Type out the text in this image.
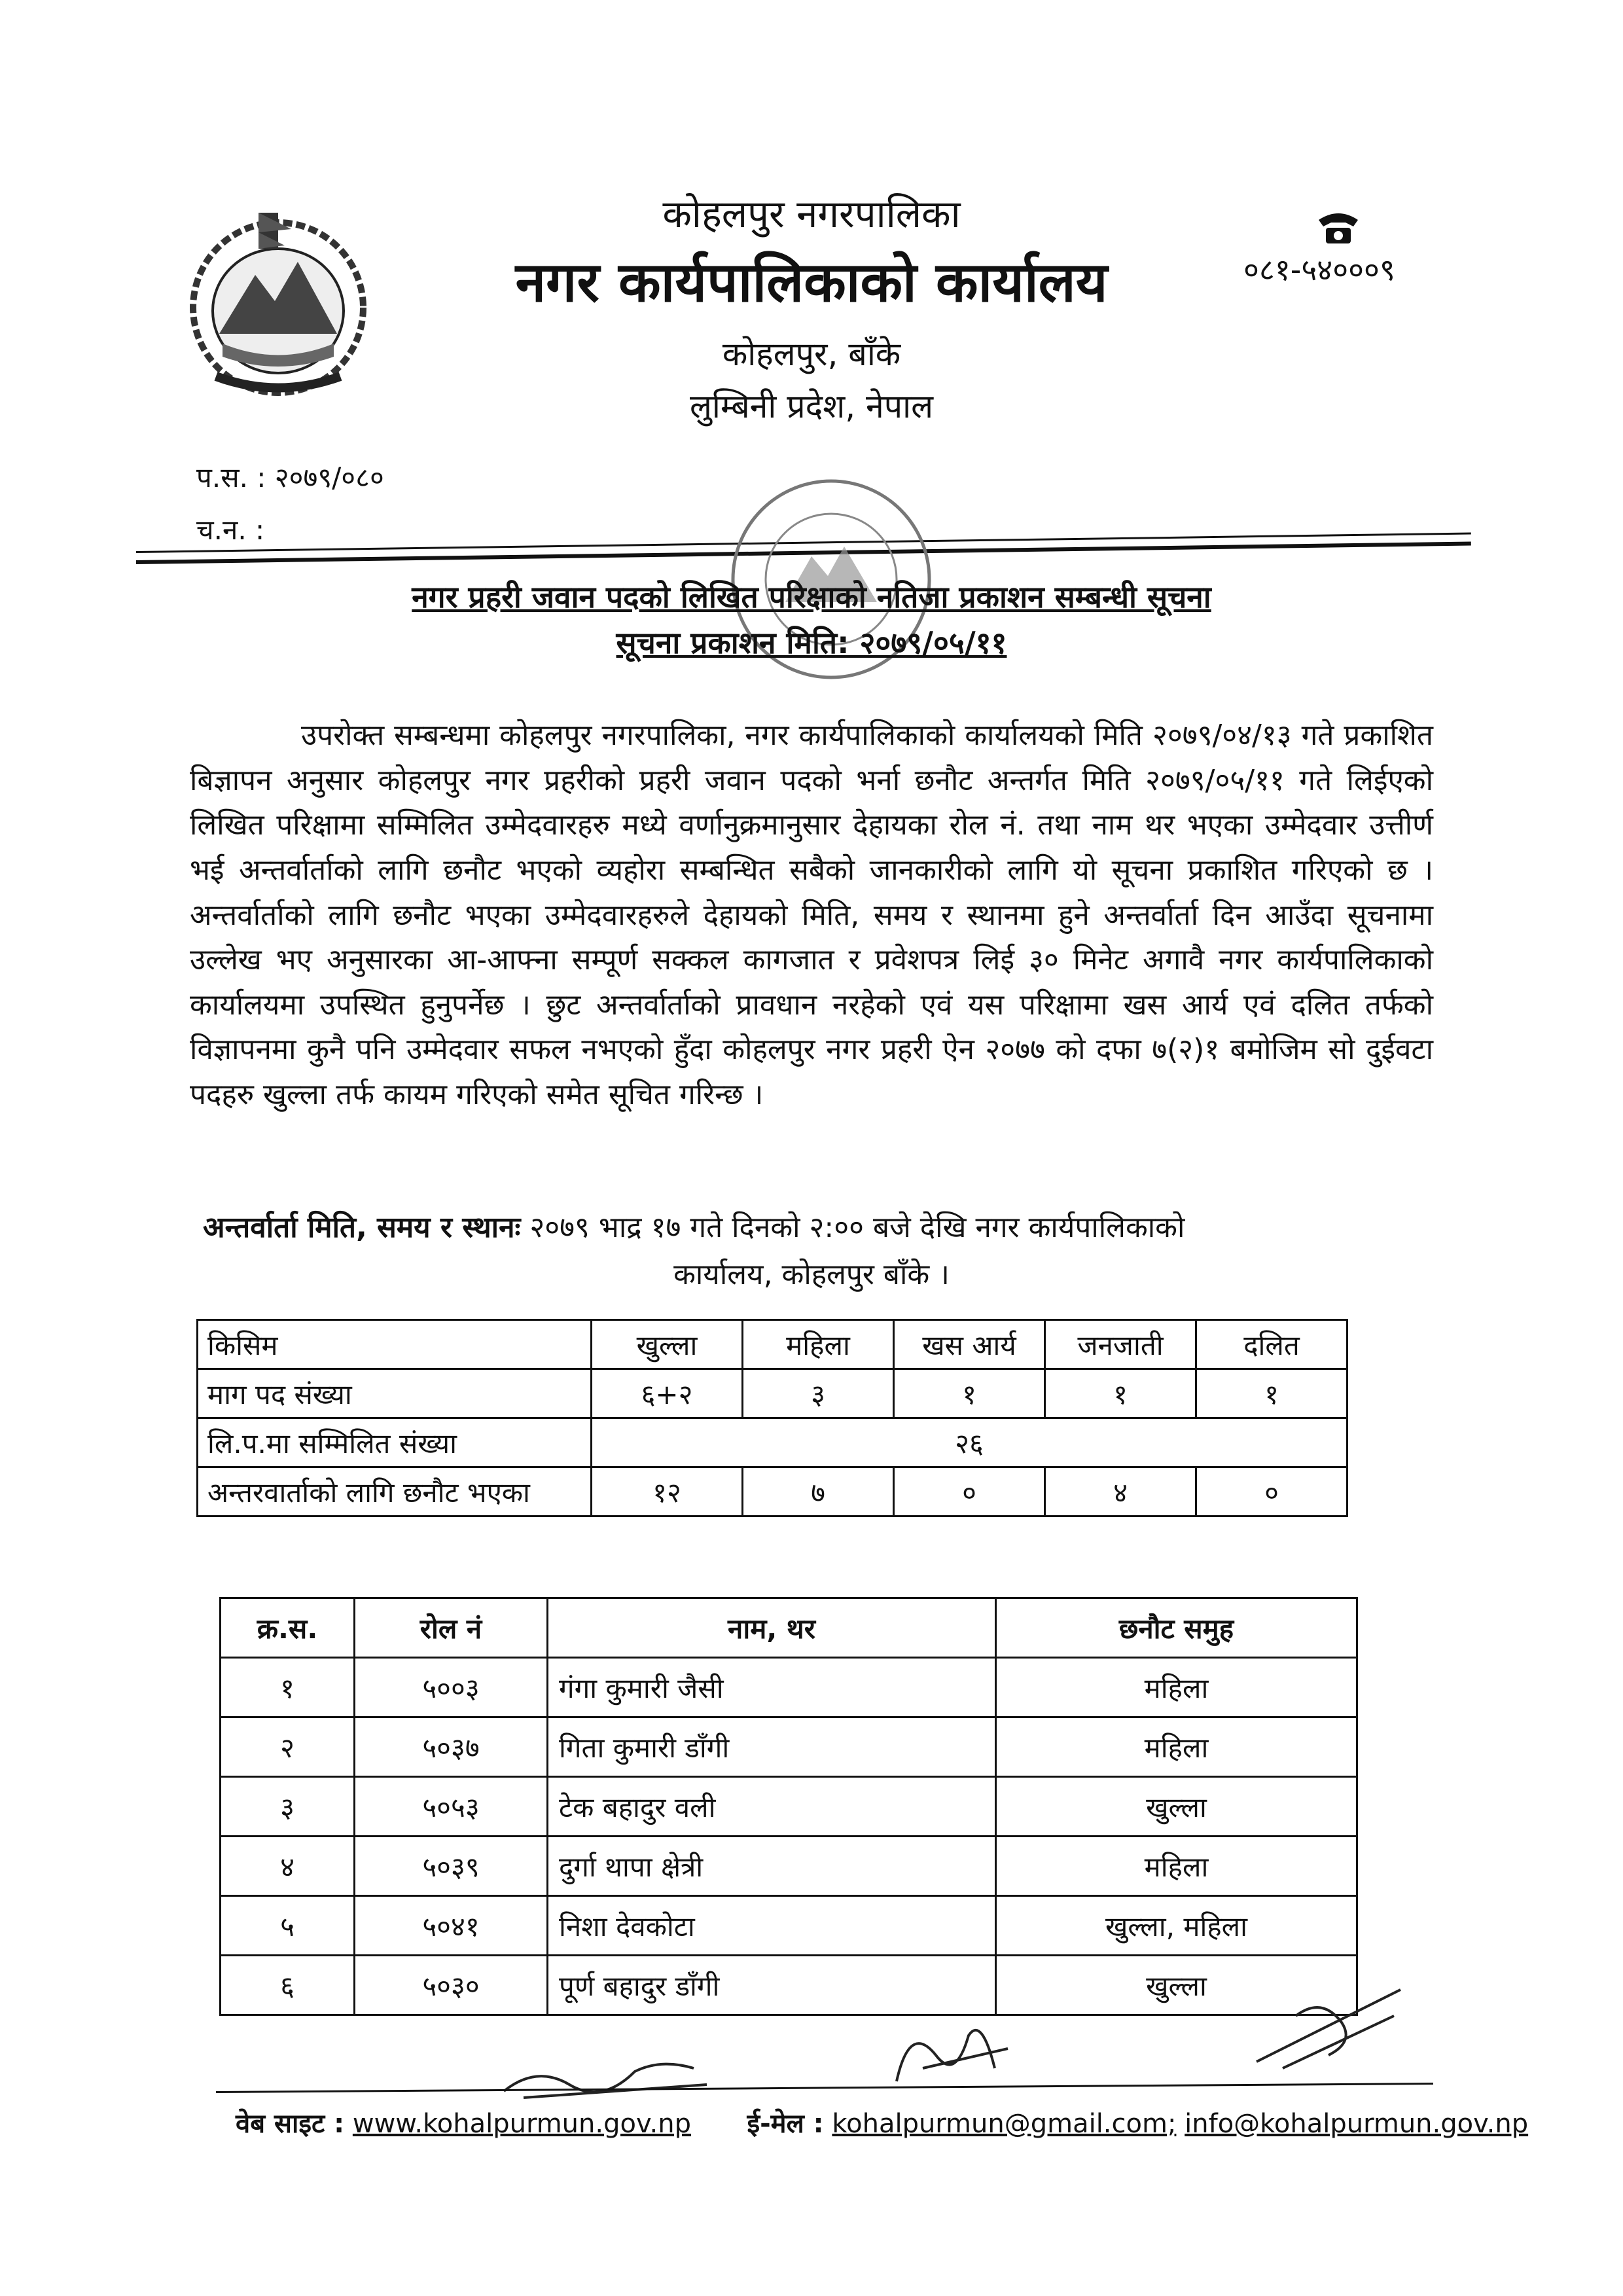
कोहलपुर नगरपालिका
नगर कार्यपालिकाको कार्यालय
कोहलपुर, बाँके
लुम्बिनी प्रदेश, नेपाल
०८१-५४०००९
प.स. : २०७९/०८०
च.न. :
नगर प्रहरी जवान पदको लिखित परिक्षाको नतिजा प्रकाशन सम्बन्धी सूचना
सूचना प्रकाशन मिति: २०७९/०५/११
उपरोक्त सम्बन्धमा कोहलपुर नगरपालिका, नगर कार्यपालिकाको कार्यालयको मिति २०७९/०४/१३ गते प्रकाशित बिज्ञापन अनुसार कोहलपुर नगर प्रहरीको प्रहरी जवान पदको भर्ना छनौट अन्तर्गत मिति २०७९/०५/११ गते लिईएको लिखित परिक्षामा सम्मिलित उम्मेदवारहरु मध्ये वर्णानुक्रमानुसार देहायका रोल नं. तथा नाम थर भएका उम्मेदवार उत्तीर्ण भई अन्तर्वार्ताको लागि छनौट भएको व्यहोरा सम्बन्धित सबैको जानकारीको लागि यो सूचना प्रकाशित गरिएको छ । अन्तर्वार्ताको लागि छनौट भएका उम्मेदवारहरुले देहायको मिति, समय र स्थानमा हुने अन्तर्वार्ता दिन आउँदा सूचनामा उल्लेख भए अनुसारका आ-आफ्ना सम्पूर्ण सक्कल कागजात र प्रवेशपत्र लिई ३० मिनेट अगावै नगर कार्यपालिकाको कार्यालयमा उपस्थित हुनुपर्नेछ । छुट अन्तर्वार्ताको प्रावधान नरहेको एवं यस परिक्षामा खस आर्य एवं दलित तर्फको विज्ञापनमा कुनै पनि उम्मेदवार सफल नभएको हुँदा कोहलपुर नगर प्रहरी ऐन २०७७ को दफा ७(२)१ बमोजिम सो दुईवटा पदहरु खुल्ला तर्फ कायम गरिएको समेत सूचित गरिन्छ ।
अन्तर्वार्ता मिति, समय र स्थानः २०७९ भाद्र १७ गते दिनको २:०० बजे देखि नगर कार्यपालिकाको
कार्यालय, कोहलपुर बाँके ।
किसिम	खुल्ला	महिला	खस आर्य	जनजाती	दलित
माग पद संख्या	६+२	३	१	१	१
लि.प.मा सम्मिलित संख्या	२६				
अन्तरवार्ताको लागि छनौट भएका	१२	७	०	४	०
क्र.स.	रोल नं	नाम, थर	छनौट समुह
१	५००३	गंगा कुमारी जैसी	महिला
२	५०३७	गिता कुमारी डाँगी	महिला
३	५०५३	टेक बहादुर वली	खुल्ला
४	५०३९	दुर्गा थापा क्षेत्री	महिला
५	५०४१	निशा देवकोटा	खुल्ला, महिला
६	५०३०	पूर्ण बहादुर डाँगी	खुल्ला
वेब साइट : www.kohalpurmun.gov.np ई-मेल : kohalpurmun@gmail.com; info@kohalpurmun.gov.np
